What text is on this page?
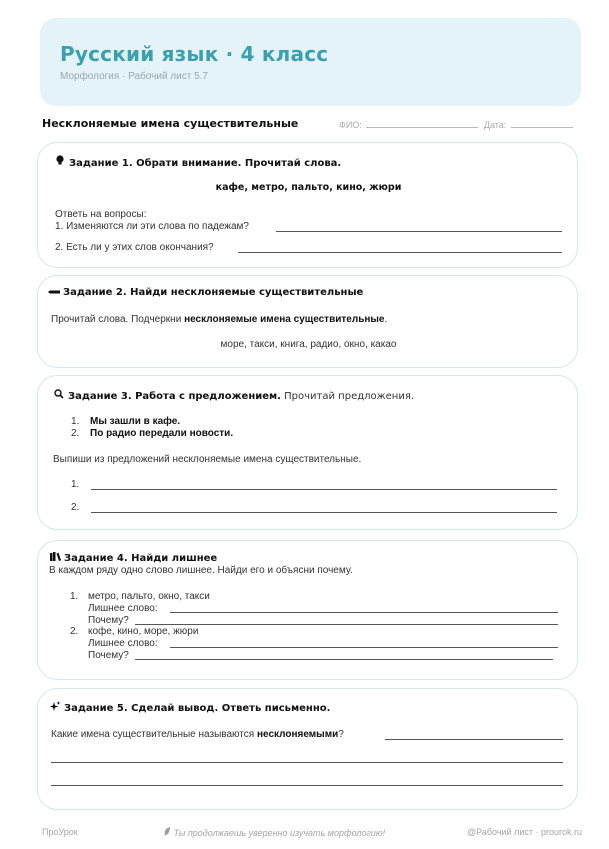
Русский язык · 4 класс
Морфология · Рабочий лист 5.7
Несклоняемые имена существительные	ФИО:	Дата:
Задание 1. Обрати внимание. Прочитай слова.
кафе, метро, пальто, кино, жюри
Ответь на вопросы:
1. Изменяются ли эти слова по падежам?
2. Есть ли у этих слов окончания?
Задание 2. Найди несклоняемые существительные
Прочитай слова. Подчеркни несклоняемые имена существительные.
море, такси, книга, радио, окно, какао
Задание 3. Работа с предложением. Прочитай предложения.
1. Мы зашли в кафе.
2. По радио передали новости.
Выпиши из предложений несклоняемые имена существительные.
1.
2.
Задание 4. Найди лишнее
В каждом ряду одно слово лишнее. Найди его и объясни почему.
1. метро, пальто, окно, такси
Лишнее слово:
Почему?
2. кофе, кино, море, жюри
Лишнее слово:
Почему?
Задание 5. Сделай вывод. Ответь письменно.
Какие имена существительные называются несклоняемыми?
ПроУрок	Ты продолжаешь уверенно изучать морфологию!	@Рабочий лист · prourok.ru
